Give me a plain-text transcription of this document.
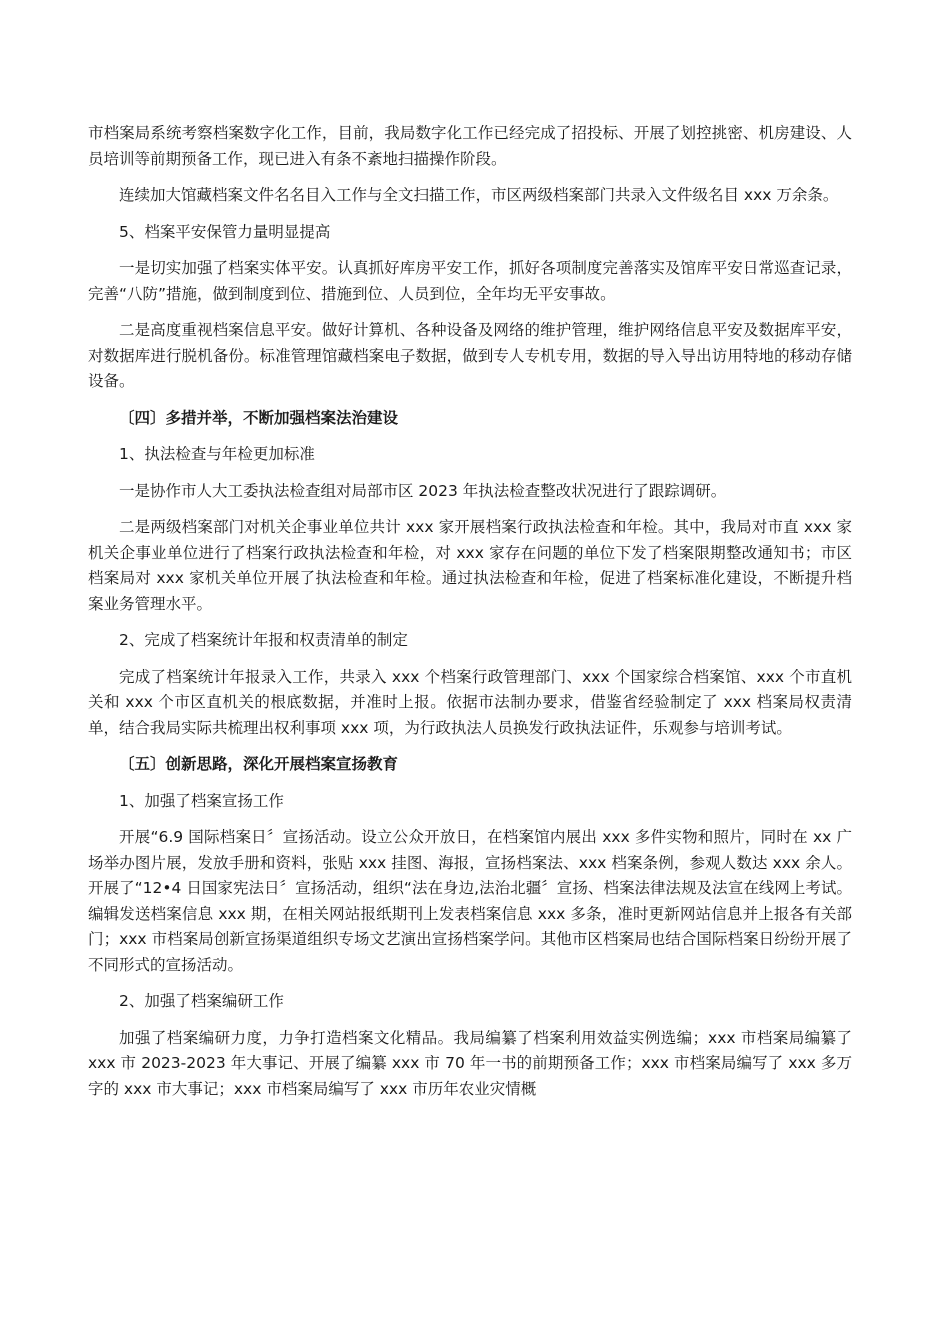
市档案局系统考察档案数字化工作，目前，我局数字化工作已经完成了招投标、开展了划控挑密、机房建设、人员培训等前期预备工作，现已进入有条不紊地扫描操作阶段。

连续加大馆藏档案文件名名目入工作与全文扫描工作，市区两级档案部门共录入文件级名目 xxx 万余条。

5、档案平安保管力量明显提高

一是切实加强了档案实体平安。认真抓好库房平安工作，抓好各项制度完善落实及馆库平安日常巡查记录，完善“八防”措施，做到制度到位、措施到位、人员到位，全年均无平安事故。

二是高度重视档案信息平安。做好计算机、各种设备及网络的维护管理，维护网络信息平安及数据库平安，对数据库进行脱机备份。标准管理馆藏档案电子数据，做到专人专机专用，数据的导入导出访用特地的移动存储设备。

〔四〕多措并举，不断加强档案法治建设

1、执法检查与年检更加标准

一是协作市人大工委执法检查组对局部市区 2023 年执法检查整改状况进行了跟踪调研。

二是两级档案部门对机关企事业单位共计 xxx 家开展档案行政执法检查和年检。其中，我局对市直 xxx 家机关企事业单位进行了档案行政执法检查和年检，对 xxx 家存在问题的单位下发了档案限期整改通知书；市区档案局对 xxx 家机关单位开展了执法检查和年检。通过执法检查和年检，促进了档案标准化建设，不断提升档案业务管理水平。

2、完成了档案统计年报和权责清单的制定

完成了档案统计年报录入工作，共录入 xxx 个档案行政管理部门、xxx 个国家综合档案馆、xxx 个市直机关和 xxx 个市区直机关的根底数据，并准时上报。依据市法制办要求，借鉴省经验制定了 xxx 档案局权责清单，结合我局实际共梳理出权利事项 xxx 项，为行政执法人员换发行政执法证件，乐观参与培训考试。

〔五〕创新思路，深化开展档案宣扬教育

1、加强了档案宣扬工作

开展“6.9 国际档案日〞宣扬活动。设立公众开放日，在档案馆内展出 xxx 多件实物和照片，同时在 xx 广场举办图片展，发放手册和资料，张贴 xxx 挂图、海报，宣扬档案法、xxx 档案条例，参观人数达 xxx 余人。开展了“12•4 日国家宪法日〞宣扬活动，组织“法在身边,法治北疆〞宣扬、档案法律法规及法宣在线网上考试。编辑发送档案信息 xxx 期，在相关网站报纸期刊上发表档案信息 xxx 多条，准时更新网站信息并上报各有关部门；xxx 市档案局创新宣扬渠道组织专场文艺演出宣扬档案学问。其他市区档案局也结合国际档案日纷纷开展了不同形式的宣扬活动。

2、加强了档案编研工作

加强了档案编研力度，力争打造档案文化精品。我局编纂了档案利用效益实例选编；xxx 市档案局编纂了 xxx 市 2023-2023 年大事记、开展了编纂 xxx 市 70 年一书的前期预备工作；xxx 市档案局编写了 xxx 多万字的 xxx 市大事记；xxx 市档案局编写了 xxx 市历年农业灾情概
